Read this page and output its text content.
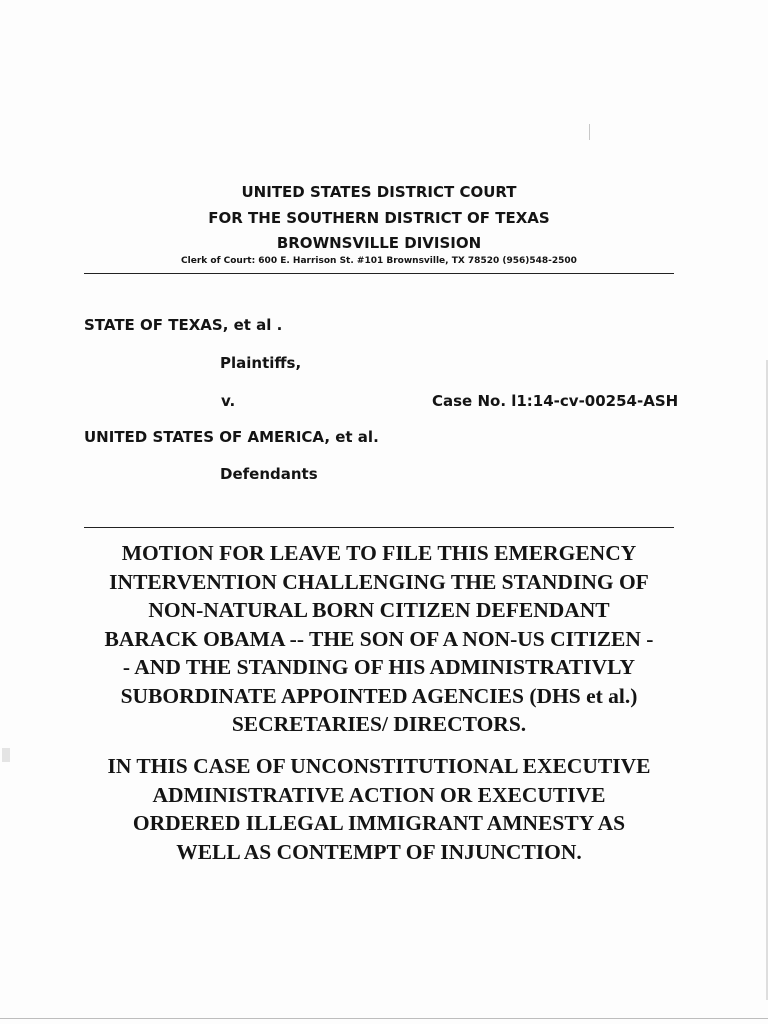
UNITED STATES DISTRICT COURT
FOR THE SOUTHERN DISTRICT OF TEXAS
BROWNSVILLE DIVISION
Clerk of Court: 600 E. Harrison St. #101 Brownsville, TX 78520 (956)548-2500
STATE OF TEXAS, et al .
Plaintiffs,
v.	Case No. l1:14-cv-00254-ASH
UNITED STATES OF AMERICA, et al.
Defendants
MOTION FOR LEAVE TO FILE THIS EMERGENCY
INTERVENTION CHALLENGING THE STANDING OF
NON-NATURAL BORN CITIZEN DEFENDANT
BARACK OBAMA -- THE SON OF A NON-US CITIZEN -
- AND THE STANDING OF HIS ADMINISTRATIVLY
SUBORDINATE APPOINTED AGENCIES (DHS et al.)
SECRETARIES/ DIRECTORS.
IN THIS CASE OF UNCONSTITUTIONAL EXECUTIVE
ADMINISTRATIVE ACTION OR EXECUTIVE
ORDERED ILLEGAL IMMIGRANT AMNESTY AS
WELL AS CONTEMPT OF INJUNCTION.
